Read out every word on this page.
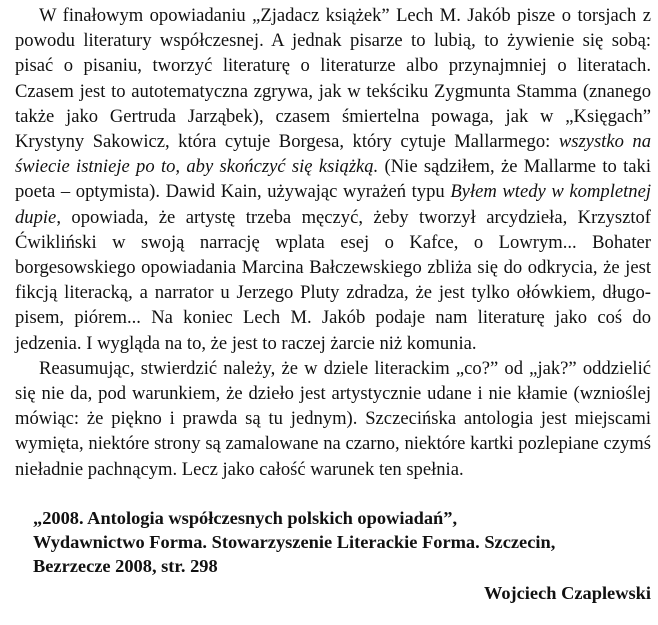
W finałowym opowiadaniu „Zjadacz książek” Lech M. Jakób pisze o torsjach z powodu literatury współczesnej. A jednak pisarze to lubią, to żywienie się sobą: pisać o pisaniu, tworzyć literaturę o literaturze albo przynajmniej o literatach. Czasem jest to autotematyczna zgrywa, jak w tekściku Zygmunta Stamma (znanego także jako Gertruda Jarząbek), czasem śmiertelna powaga, jak w „Księgach” Krystyny Sakowicz, która cytuje Borgesa, który cytuje Mallarmego: wszystko na świecie istnieje po to, aby skończyć się książką. (Nie sądziłem, że Mallarme to taki poeta – optymista). Dawid Kain, używając wyrażeń typu Byłem wtedy w kompletnej dupie, opowiada, że artystę trzeba męczyć, żeby tworzył arcydzieła, Krzysztof Ćwikliński w swoją narrację wplata esej o Kafce, o Lowrym... Bohater borgesowskiego opowiadania Marcina Bałczewskiego zbliża się do odkrycia, że jest fikcją literacką, a narrator u Jerzego Pluty zdradza, że jest tylko ołówkiem, długopisem, piórem... Na koniec Lech M. Jakób podaje nam literaturę jako coś do jedzenia. I wygląda na to, że jest to raczej żarcie niż komunia.

Reasumując, stwierdzić należy, że w dziele literackim „co?” od „jak?” oddzielić się nie da, pod warunkiem, że dzieło jest artystycznie udane i nie kłamie (wznioślej mówiąc: że piękno i prawda są tu jednym). Szczecińska antologia jest miejscami wymięta, niektóre strony są zamalowane na czarno, niektóre kartki pozlepiane czymś nieładnie pachnącym. Lecz jako całość warunek ten spełnia.

„2008. Antologia współczesnych polskich opowiadań”,
Wydawnictwo Forma. Stowarzyszenie Literackie Forma. Szczecin,
Bezrzecze 2008, str. 298

Wojciech Czaplewski
